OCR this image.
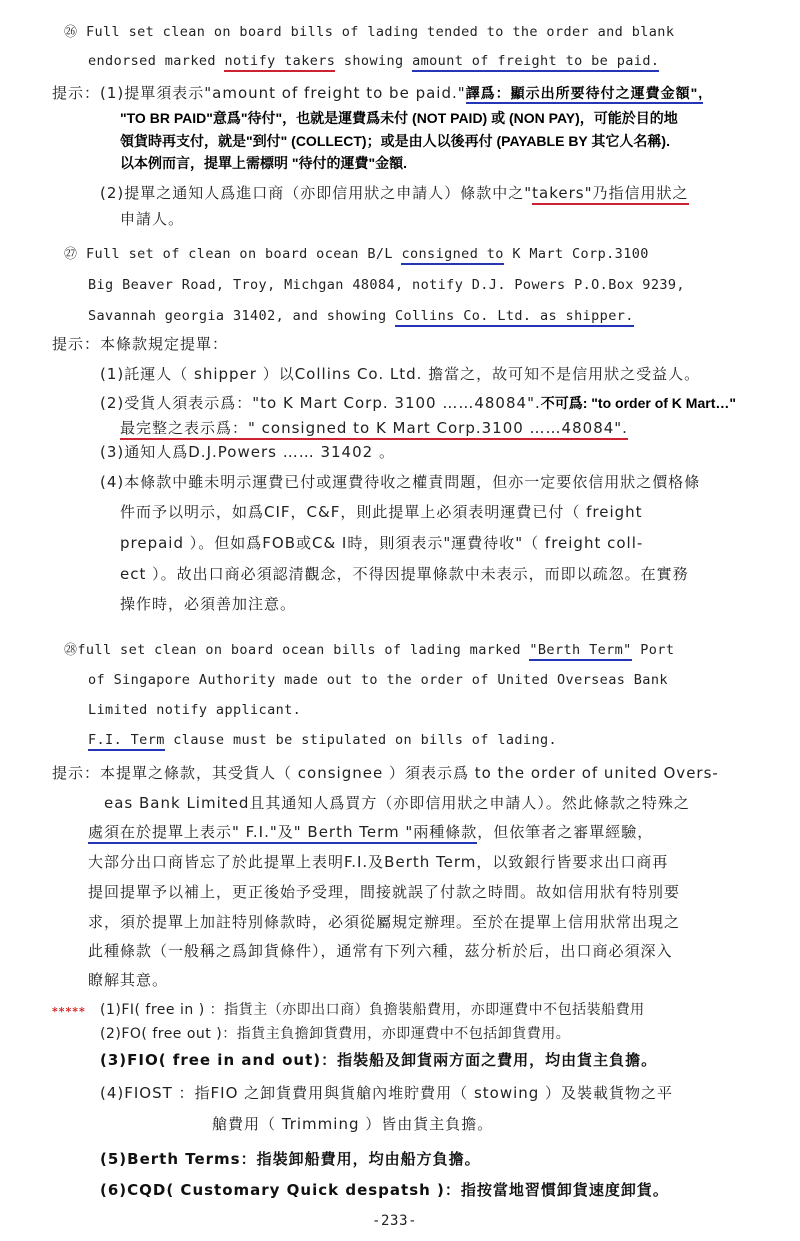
㉖ Full set clean on board bills of lading tended to the order and blank
endorsed marked notify takers showing amount of freight to be paid.
提示：(1)提單須表示"amount of freight to be paid."譯爲：顯示出所要待付之運費金額",
"TO BR PAID"意爲"待付"，也就是運費爲未付 (NOT PAID) 或 (NON PAY)，可能於目的地
領貨時再支付，就是"到付" (COLLECT)；或是由人以後再付 (PAYABLE BY 其它人名稱).
以本例而言，提單上需標明 "待付的運費"金額.
(2)提單之通知人爲進口商（亦即信用狀之申請人）條款中之"takers"乃指信用狀之
申請人。
㉗ Full set of clean on board ocean B/L consigned to K Mart Corp.3100
Big Beaver Road, Troy, Michgan 48084, notify D.J. Powers P.O.Box 9239,
Savannah georgia 31402, and showing Collins Co. Ltd. as shipper.
提示：本條款規定提單：
(1)託運人（ shipper ）以Collins Co. Ltd. 擔當之，故可知不是信用狀之受益人。
(2)受貨人須表示爲："to K Mart Corp. 3100 ……48084".不可爲: "to order of K Mart…"
最完整之表示爲：" consigned to K Mart Corp.3100 ……48084".
(3)通知人爲D.J.Powers …… 31402 。
(4)本條款中雖未明示運費已付或運費待收之權責問題，但亦一定要依信用狀之價格條
件而予以明示，如爲CIF，C&F，則此提單上必須表明運費已付（ freight
prepaid ）。但如爲FOB或C& I時，則須表示"運費待收"（ freight coll-
ect ）。故出口商必須認清觀念，不得因提單條款中未表示，而即以疏忽。在實務
操作時，必須善加注意。
㉘full set clean on board ocean bills of lading marked "Berth Term" Port
of Singapore Authority made out to the order of United Overseas Bank
Limited notify applicant.
F.I. Term clause must be stipulated on bills of lading.
提示：本提單之條款，其受貨人（ consignee ）須表示爲 to the order of united Overs-
eas Bank Limited且其通知人爲買方（亦即信用狀之申請人）。然此條款之特殊之
處須在於提單上表示" F.I."及" Berth Term "兩種條款，但依筆者之審單經驗，
大部分出口商皆忘了於此提單上表明F.I.及Berth Term，以致銀行皆要求出口商再
提回提單予以補上，更正後始予受理，間接就誤了付款之時間。故如信用狀有特別要
求，須於提單上加註特別條款時，必須從屬規定辦理。至於在提單上信用狀常出現之
此種條款（一般稱之爲卸貨條件），通常有下列六種，茲分析於后，出口商必須深入
瞭解其意。
***** (1)FI( free in ) ：指貨主（亦即出口商）負擔裝船費用，亦即運費中不包括裝船費用
(2)FO( free out )：指貨主負擔卸貨費用，亦即運費中不包括卸貨費用。
(3)FIO( free in and out)：指裝船及卸貨兩方面之費用，均由貨主負擔。
(4)FIOST ：指FIO 之卸貨費用與貨艙內堆貯費用（ stowing ）及裝載貨物之平
艙費用（ Trimming ）皆由貨主負擔。
(5)Berth Terms：指裝卸船費用，均由船方負擔。
(6)CQD( Customary Quick despatsh )：指按當地習慣卸貨速度卸貨。
-233-
